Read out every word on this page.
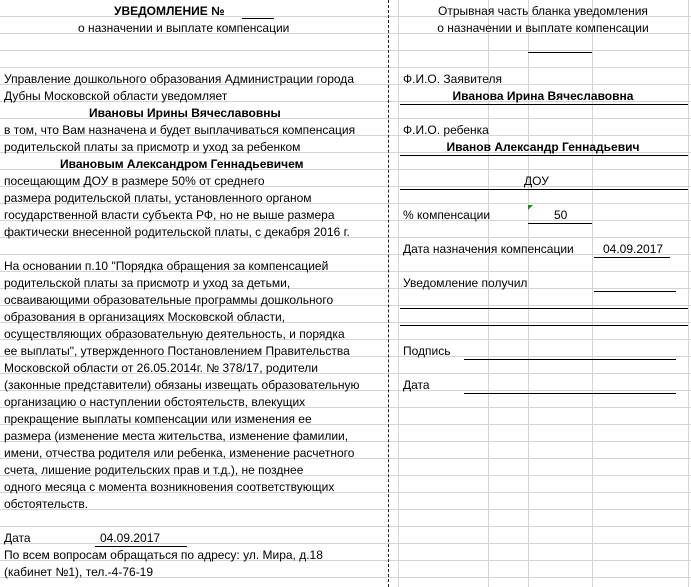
УВЕДОМЛЕНИЕ №
о назначении и выплате компенсации
Управление дошкольного образования Администрации города
Дубны Московской области уведомляет
Ивановы Ирины Вячеславовны
в том, что Вам назначена и будет выплачиваться компенсация
родительской платы за присмотр и уход за ребенком
Ивановым Александром Геннадьевичем
посещающим ДОУ в размере 50% от среднего
размера родительской платы, установленного органом
государственной власти субъекта РФ, но не выше размера
фактически внесенной родительской платы, с декабря 2016 г.
На основании п.10 "Порядка обращения за компенсацией
родительской платы за присмотр и уход за детьми,
осваивающими образовательные программы дошкольного
образования в организациях Московской области,
осуществляющих образовательную деятельность, и порядка
ее выплаты", утвержденного Постановлением Правительства
Московской области от 26.05.2014г. № 378/17, родители
(законные представители) обязаны извещать образовательную
организацию о наступлении обстоятельств, влекущих
прекращение выплаты компенсации или изменения ее
размера (изменение места жительства, изменение фамилии,
имени, отчества родителя или ребенка, изменение расчетного
счета, лишение родительских прав и т.д.), не позднее
одного месяца с момента возникновения соответствующих
обстоятельств.
Дата	04.09.2017
По всем вопросам обращаться по адресу: ул. Мира, д.18
(кабинет №1), тел.-4-76-19
Отрывная часть бланка уведомления
о назначении и выплате компенсации
Ф.И.О. Заявителя
Иванова Ирина Вячеславовна
Ф.И.О. ребенка
Иванов Александр Геннадьевич
ДОУ
% компенсации	50
Дата назначения компенсации 04.09.2017
Уведомление получил
Подпись
Дата
